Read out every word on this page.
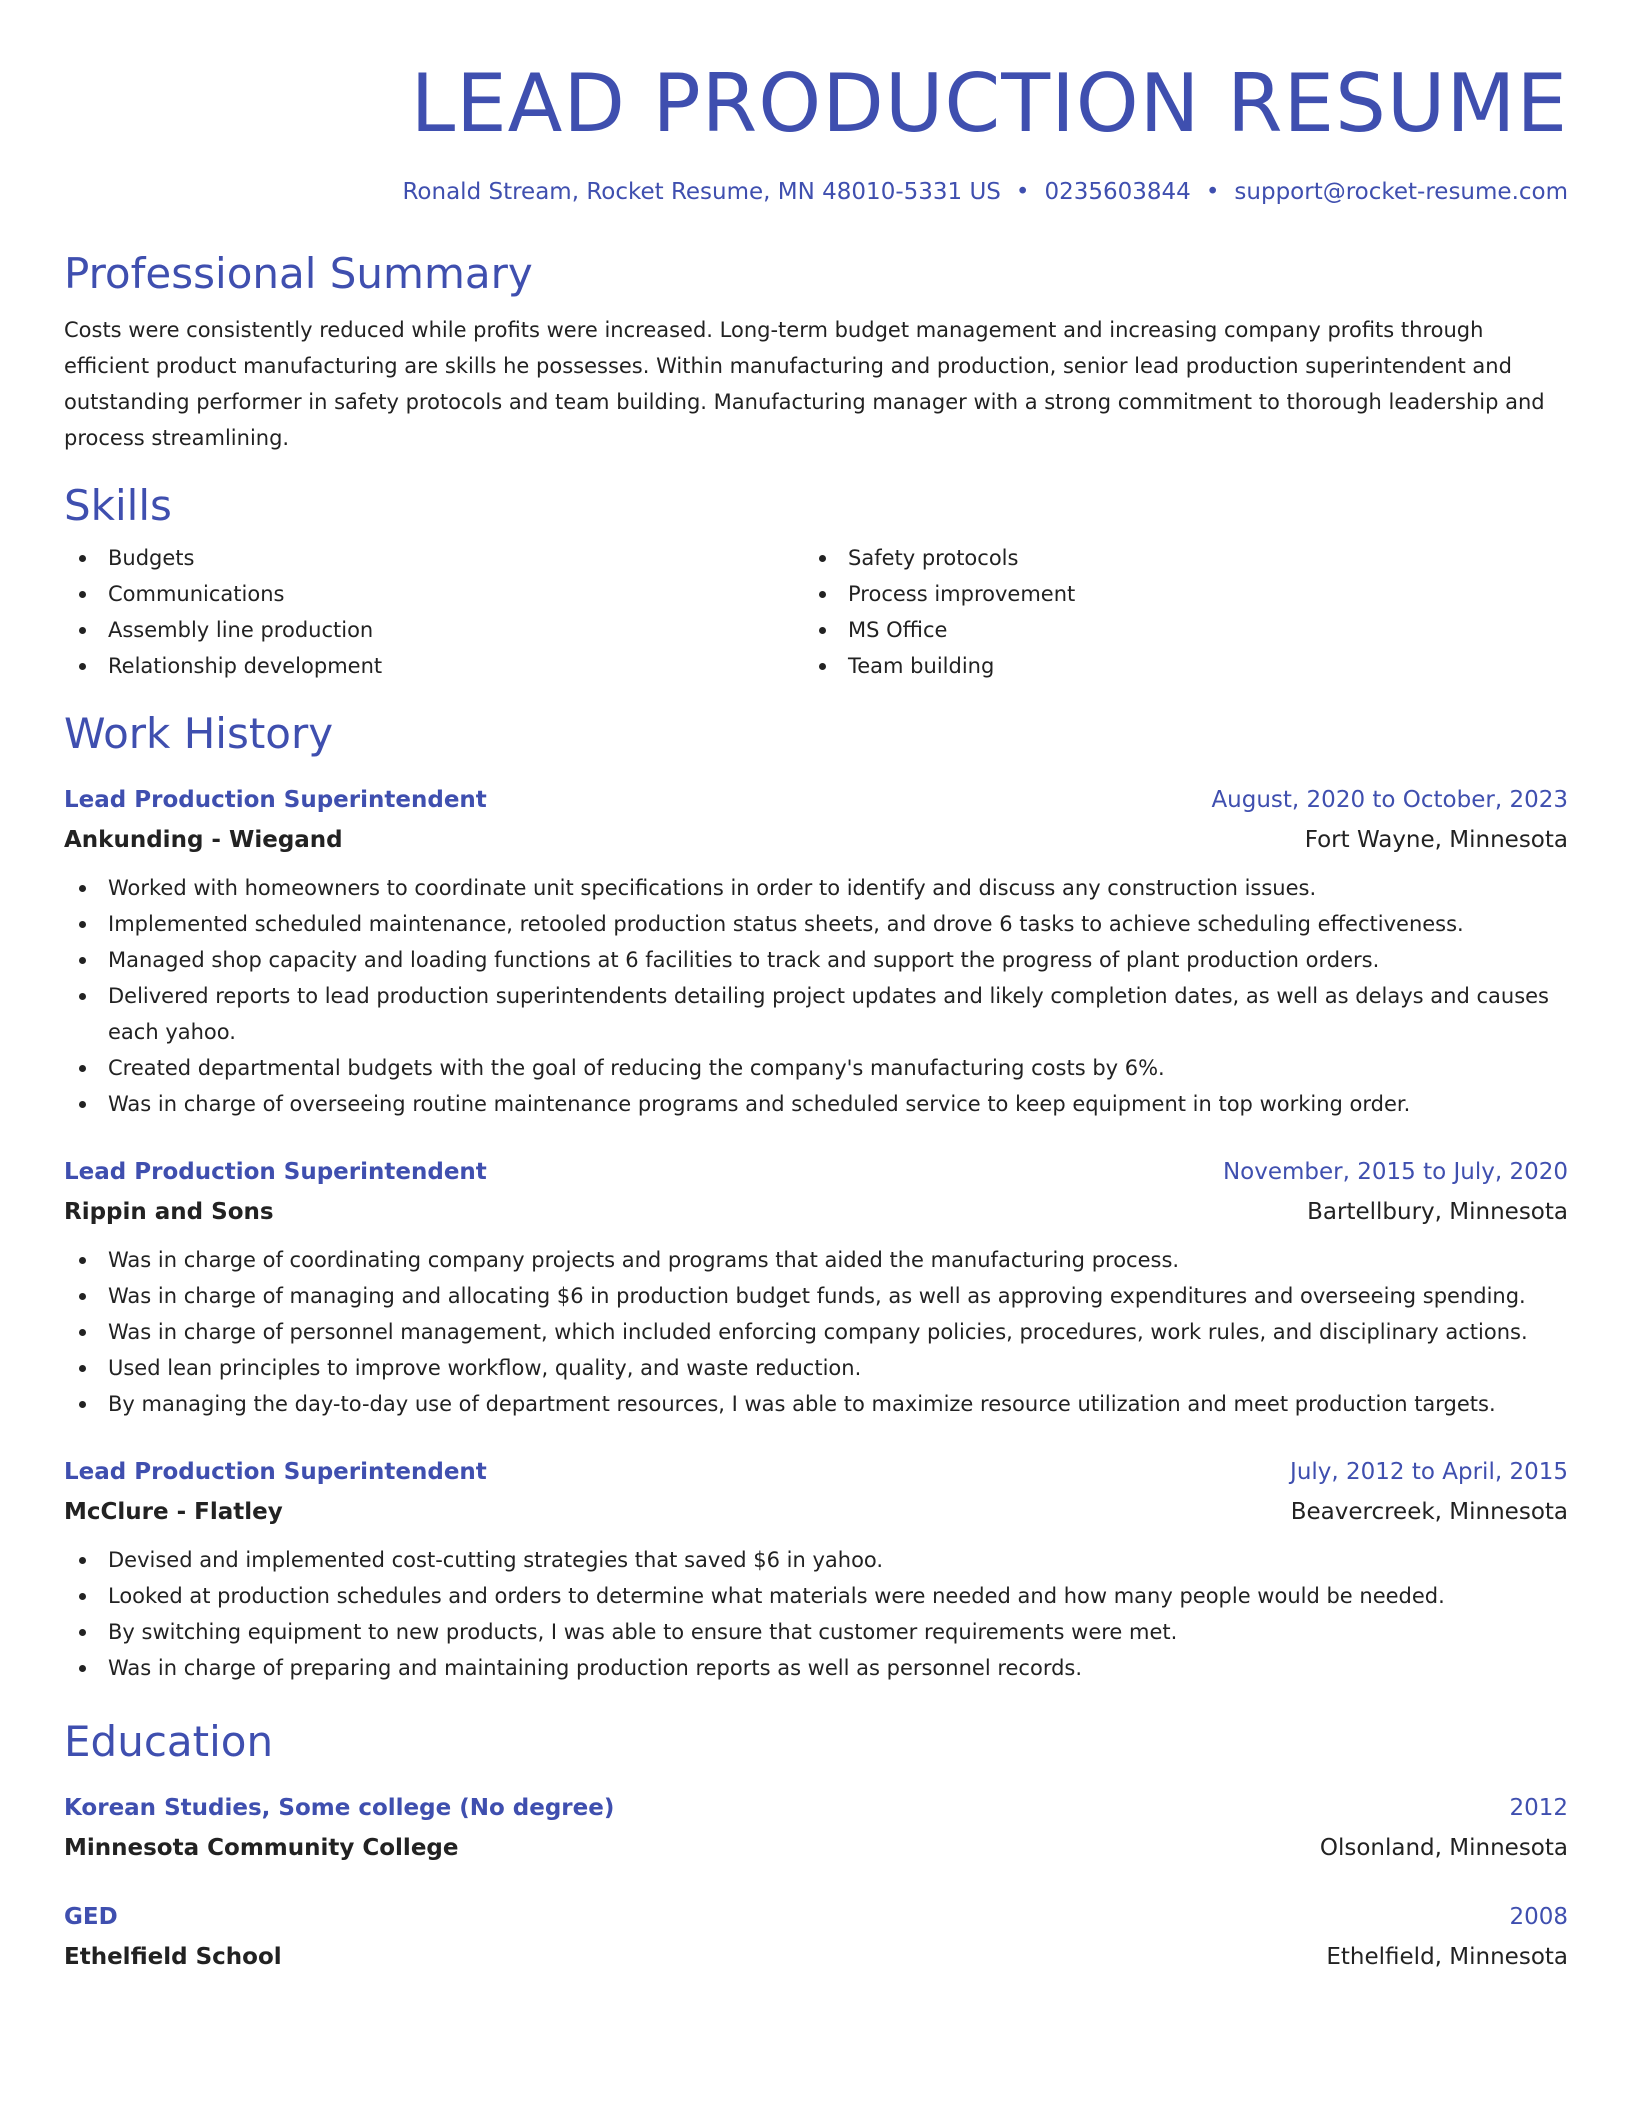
LEAD PRODUCTION RESUME
Ronald Stream, Rocket Resume, MN 48010-5331 US • 0235603844 • support@rocket-resume.com
Professional Summary

Costs were consistently reduced while profits were increased. Long-term budget management and increasing company profits through efficient product manufacturing are skills he possesses. Within manufacturing and production, senior lead production superintendent and outstanding performer in safety protocols and team building. Manufacturing manager with a strong commitment to thorough leadership and process streamlining.

Skills
Budgets
Communications
Assembly line production
Relationship development
Safety protocols
Process improvement
MS Office
Team building
Work History
Lead Production Superintendent	August, 2020 to October, 2023
Ankunding - Wiegand	Fort Wayne, Minnesota
Worked with homeowners to coordinate unit specifications in order to identify and discuss any construction issues.
Implemented scheduled maintenance, retooled production status sheets, and drove 6 tasks to achieve scheduling effectiveness.
Managed shop capacity and loading functions at 6 facilities to track and support the progress of plant production orders.
Delivered reports to lead production superintendents detailing project updates and likely completion dates, as well as delays and causes each yahoo.
Created departmental budgets with the goal of reducing the company's manufacturing costs by 6%.
Was in charge of overseeing routine maintenance programs and scheduled service to keep equipment in top working order.
Lead Production Superintendent	November, 2015 to July, 2020
Rippin and Sons	Bartellbury, Minnesota
Was in charge of coordinating company projects and programs that aided the manufacturing process.
Was in charge of managing and allocating $6 in production budget funds, as well as approving expenditures and overseeing spending.
Was in charge of personnel management, which included enforcing company policies, procedures, work rules, and disciplinary actions.
Used lean principles to improve workflow, quality, and waste reduction.
By managing the day-to-day use of department resources, I was able to maximize resource utilization and meet production targets.
Lead Production Superintendent	July, 2012 to April, 2015
McClure - Flatley	Beavercreek, Minnesota
Devised and implemented cost-cutting strategies that saved $6 in yahoo.
Looked at production schedules and orders to determine what materials were needed and how many people would be needed.
By switching equipment to new products, I was able to ensure that customer requirements were met.
Was in charge of preparing and maintaining production reports as well as personnel records.
Education
Korean Studies, Some college (No degree)	2012
Minnesota Community College	Olsonland, Minnesota
GED	2008
Ethelfield School	Ethelfield, Minnesota
